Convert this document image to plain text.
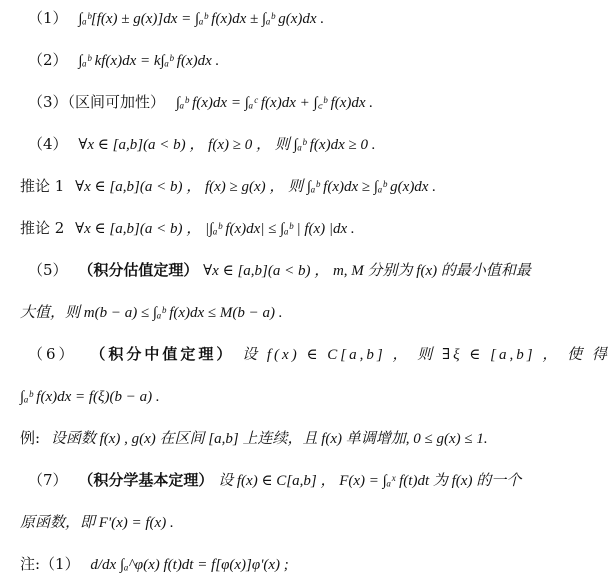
（1） ∫ₐᵇ[f(x) ± g(x)]dx = ∫ₐᵇ f(x)dx ± ∫ₐᵇ g(x)dx .
（2） ∫ₐᵇ kf(x)dx = k∫ₐᵇ f(x)dx .
（3）（区间可加性） ∫ₐᵇ f(x)dx = ∫ₐᶜ f(x)dx + ∫꜀ᵇ f(x)dx .
（4） ∀x ∈ [a,b](a < b) ， f(x) ≥ 0 ， 则 ∫ₐᵇ f(x)dx ≥ 0 .
推论 1 ∀x ∈ [a,b](a < b) ， f(x) ≥ g(x) ， 则 ∫ₐᵇ f(x)dx ≥ ∫ₐᵇ g(x)dx .
推论 2 ∀x ∈ [a,b](a < b) ， |∫ₐᵇ f(x)dx| ≤ ∫ₐᵇ | f(x) |dx .
（5） （积分估值定理） ∀x ∈ [a,b](a < b) ， m, M 分别为 f(x) 的最小值和最
大值，则 m(b − a) ≤ ∫ₐᵇ f(x)dx ≤ M(b − a) .
（6） （积分中值定理） 设 f(x) ∈ C[a,b] ， 则 ∃ξ ∈ [a,b] ， 使 得
∫ₐᵇ f(x)dx = f(ξ)(b − a) .
例: 设函数 f(x) , g(x) 在区间 [a,b] 上连续，且 f(x) 单调增加, 0 ≤ g(x) ≤ 1.
（7） （积分学基本定理） 设 f(x) ∈ C[a,b] ， F(x) = ∫ₐˣ f(t)dt 为 f(x) 的一个
原函数，即 F'(x) = f(x) .
注:（1） d/dx ∫ₐ^φ(x) f(t)dt = f[φ(x)]φ'(x) ;
